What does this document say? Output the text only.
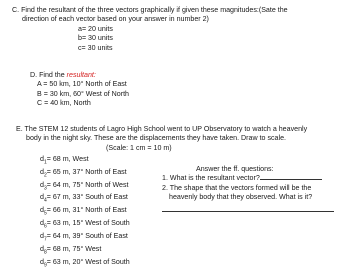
C. Find the resultant of the three vectors graphically if given these magnitudes:(Sate the
direction of each vector based on your answer in number 2)
a= 20 units
b= 30 units
c= 30 units
D. Find the resultant:
A = 50 km, 10° North of East
B = 30 km, 60° West of North
C = 40 km, North
E. The STEM 12 students of Lagro High School went to UP Observatory to watch a heavenly
body in the night sky. These are the displacements they have taken. Draw to scale.
(Scale: 1 cm = 10 m)
$d_1= 68$ m, West
$d_2= 65$ m, 37° North of East
$d_3= 64$ m, 75° North of West
$d_4= 67$ m, 33° South of East
$d_5= 66$ m, 31° North of East
$d_6= 63$ m, 15° West of South
$d_7= 64$ m, 39° South of East
$d_8= 68$ m, 75° West
$d_9= 63$ m, 20° West of South
Answer the ff. questions:
1. What is the resultant vector?
2. The shape that the vectors formed will be the
heavenly body that they observed. What is it?
